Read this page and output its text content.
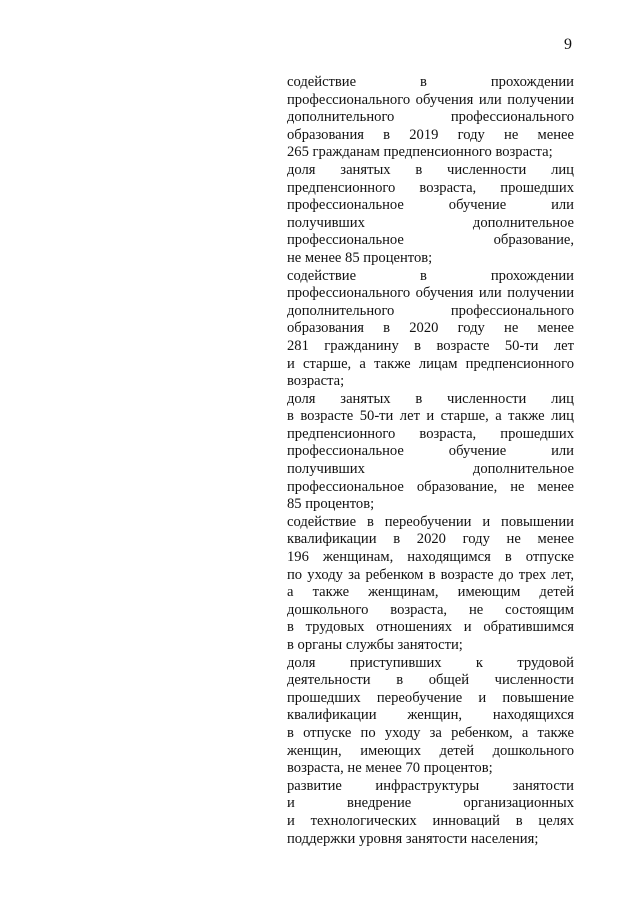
9

содействие в прохождении
профессионального обучения или получении
дополнительного профессионального
образования в 2019 году не менее
265 гражданам предпенсионного возраста;

доля занятых в численности лиц
предпенсионного возраста, прошедших
профессиональное обучение или
получивших дополнительное
профессиональное образование,
не менее 85 процентов;

содействие в прохождении
профессионального обучения или получении
дополнительного профессионального
образования в 2020 году не менее
281 гражданину в возрасте 50-ти лет
и старше, а также лицам предпенсионного
возраста;

доля занятых в численности лиц
в возрасте 50-ти лет и старше, а также лиц
предпенсионного возраста, прошедших
профессиональное обучение или
получивших дополнительное
профессиональное образование, не менее
85 процентов;

содействие в переобучении и повышении
квалификации в 2020 году не менее
196 женщинам, находящимся в отпуске
по уходу за ребенком в возрасте до трех лет,
а также женщинам, имеющим детей
дошкольного возраста, не состоящим
в трудовых отношениях и обратившимся
в органы службы занятости;

доля приступивших к трудовой
деятельности в общей численности
прошедших переобучение и повышение
квалификации женщин, находящихся
в отпуске по уходу за ребенком, а также
женщин, имеющих детей дошкольного
возраста, не менее 70 процентов;

развитие инфраструктуры занятости
и внедрение организационных
и технологических инноваций в целях
поддержки уровня занятости населения;
